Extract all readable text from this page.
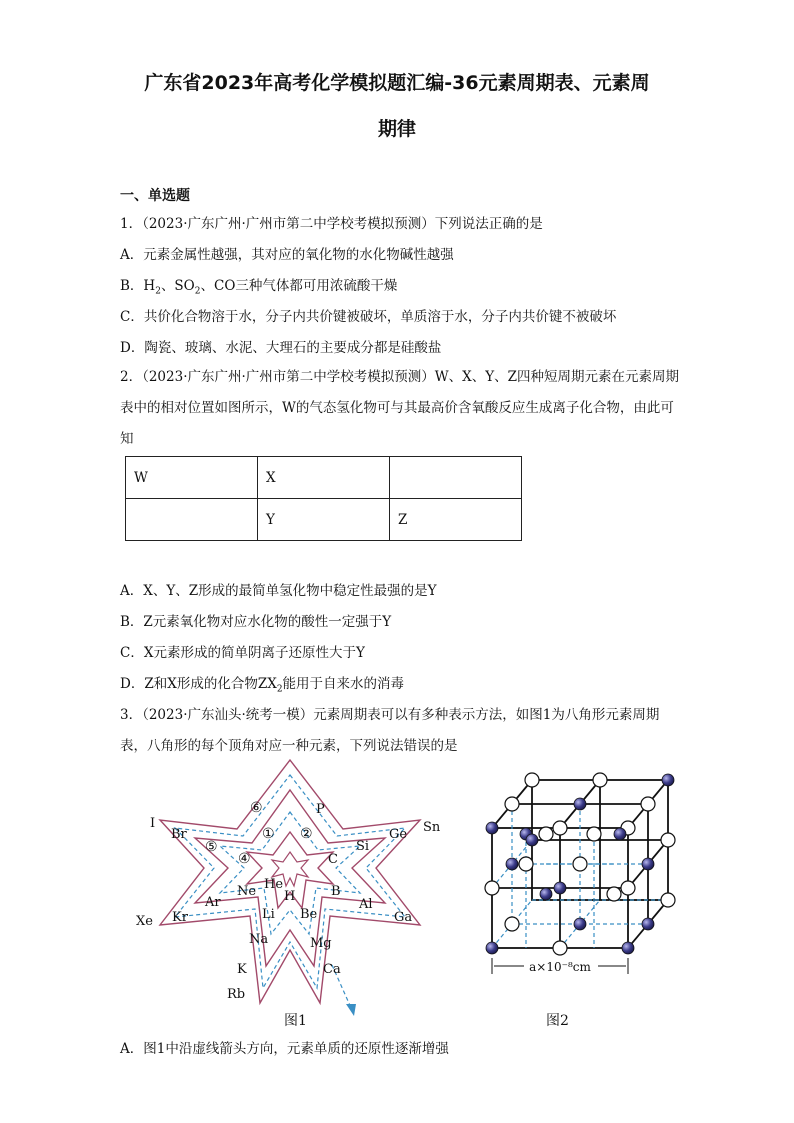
广东省2023年高考化学模拟题汇编-36元素周期表、元素周
期律
一、单选题
1．（2023·广东广州·广州市第二中学校考模拟预测）下列说法正确的是
A．元素金属性越强，其对应的氧化物的水化物碱性越强
B．$H_2$、$SO_2$、CO三种气体都可用浓硫酸干燥
C．共价化合物溶于水，分子内共价键被破坏，单质溶于水，分子内共价键不被破坏
D．陶瓷、玻璃、水泥、大理石的主要成分都是硅酸盐
2．（2023·广东广州·广州市第二中学校考模拟预测）W、X、Y、Z四种短周期元素在元素周期表中的相对位置如图所示，W的气态氢化物可与其最高价含氧酸反应生成离子化合物，由此可知
W	X	
	Y	Z
A．X、Y、Z形成的最简单氢化物中稳定性最强的是Y
B．Z元素氧化物对应水化物的酸性一定强于Y
C．X元素形成的简单阴离子还原性大于Y
D．Z和X形成的化合物$ZX_2$能用于自来水的消毒
3．（2023·广东汕头·统考一模）元素周期表可以有多种表示方法，如图1为八角形元素周期表，八角形的每个顶角对应一种元素，下列说法错误的是
P
Sn
Ge
Si
C
B
Ga
Al
Mg
Ca
K
Rb
Na
Li Be
H
He
Ne
Ar
Kr
Xe
I
Br
⑥
① ②
⑤
④
图1
a×10⁻⁸cm
图2
A．图1中沿虚线箭头方向，元素单质的还原性逐渐增强
